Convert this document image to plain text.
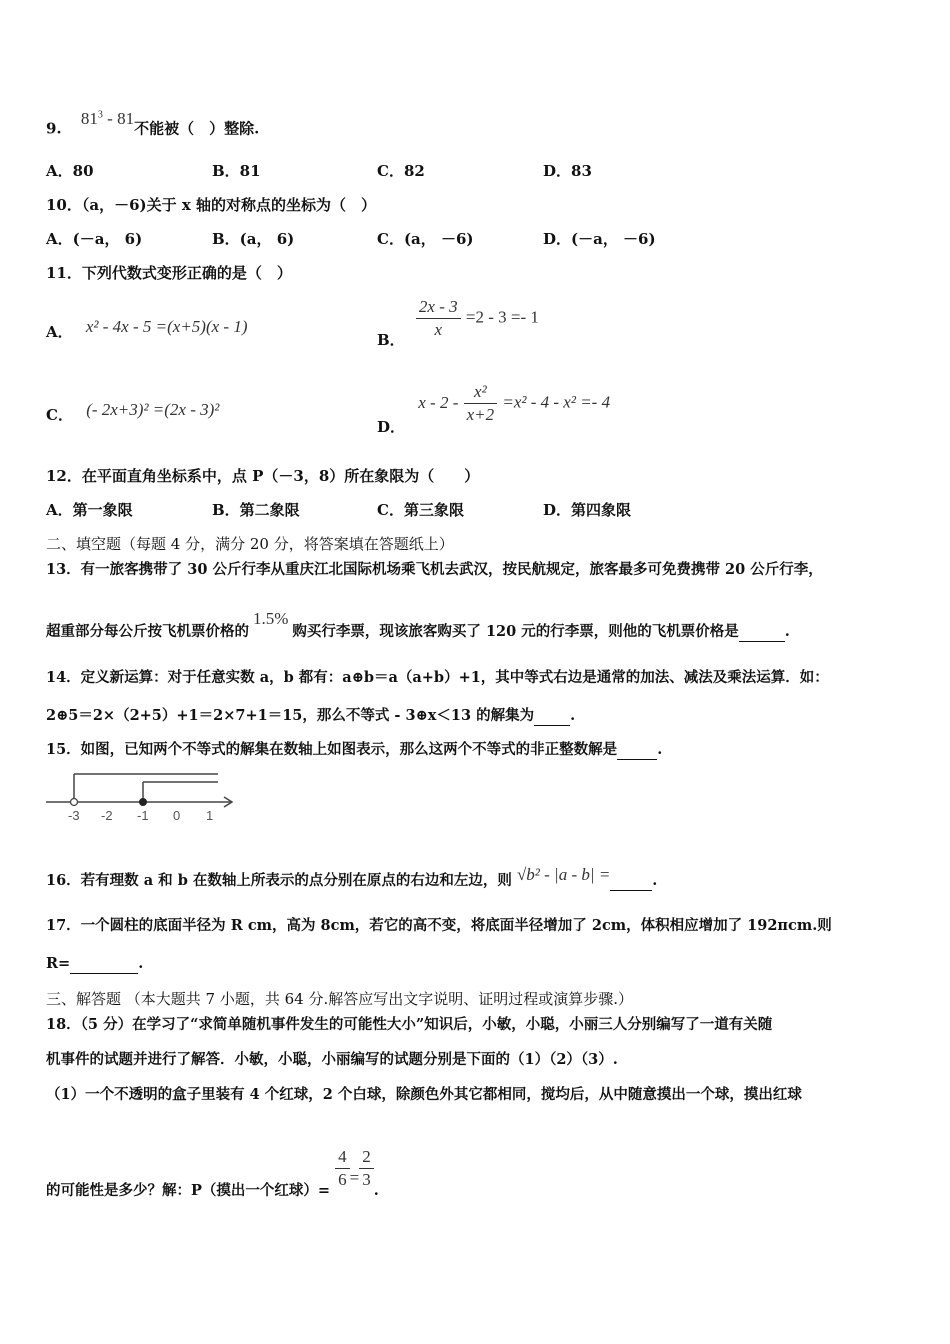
9. $81^3 - 81$不能被（　）整除.
A．80	B．81	C．82	D．83
10．（a，－6)关于 x 轴的对称点的坐标为（　）
A．(－a， 6)	B．(a， 6)	C．(a， －6)	D．(－a， －6)
11．下列代数式变形正确的是（　）
A． x² - 4x - 5 =(x+5)(x - 1)
B． $\frac{2x - 3}{x} =2 - 3 =- 1$
C． (- 2x+3)² =(2x - 3)²
D． $x - 2 - \frac{\text{x²}}{x+2} =x^2 - 4 - x^2 =- 4$
12．在平面直角坐标系中，点 P（－3，8）所在象限为（　　）
A．第一象限	B．第二象限	C．第三象限	D．第四象限
二、填空题（每题 4 分，满分 20 分，将答案填在答题纸上）
13．有一旅客携带了 30 公斤行李从重庆江北国际机场乘飞机去武汉，按民航规定，旅客最多可免费携带 20 公斤行李，
超重部分每公斤按飞机票价格的1.5%购买行李票，现该旅客购买了 120 元的行李票，则他的飞机票价格是	.
14．定义新运算：对于任意实数 a，b 都有：a⊕b＝a（a+b）+1，其中等式右边是通常的加法、减法及乘法运算．如：
2⊕5＝2×（2+5）+1＝2×7+1＝15，那么不等式 - 3⊕x＜13 的解集为 .
15．如图，已知两个不等式的解集在数轴上如图表示，那么这两个不等式的非正整数解是	.
-3 -2 -1 0 1
16．若有理数 a 和 b 在数轴上所表示的点分别在原点的右边和左边，则 √b² - |a - b| =	.
17．一个圆柱的底面半径为 R cm，高为 8cm，若它的高不变，将底面半径增加了 2cm，体积相应增加了 192πcm.则
R=	.
三、解答题 （本大题共 7 小题，共 64 分.解答应写出文字说明、证明过程或演算步骤.）
18．（5 分）在学习了“求简单随机事件发生的可能性大小”知识后，小敏，小聪，小丽三人分别编写了一道有关随
机事件的试题并进行了解答．小敏，小聪，小丽编写的试题分别是下面的（1）（2）（3）.
（1）一个不透明的盒子里装有 4 个红球，2 个白球，除颜色外其它都相同，搅均后，从中随意摸出一个球，摸出红球
的可能性是多少？解：P（摸出一个红球）= $\frac{4}{6} = \frac{2}{3}$ .
